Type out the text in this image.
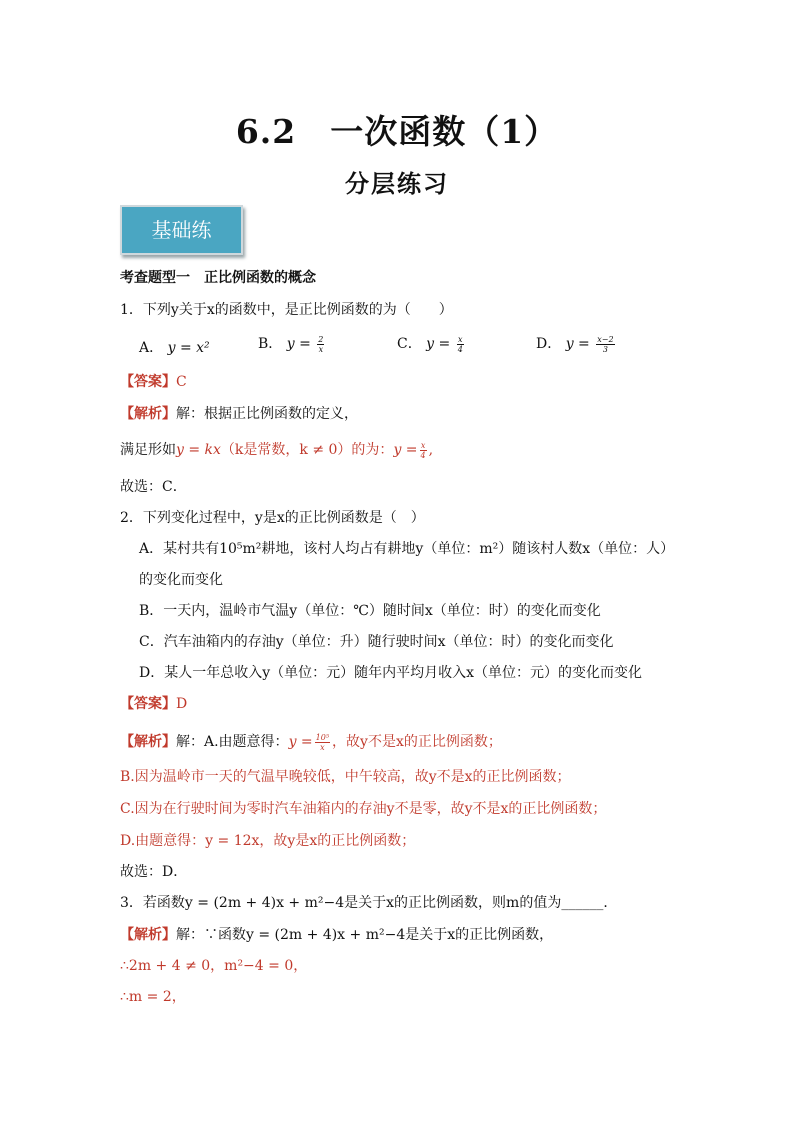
6.2　一次函数（1）
分层练习
基础练
考查题型一　正比例函数的概念
1．下列y关于x的函数中，是正比例函数的为（　　）
A． y = x²	B． $y = \frac{2}{x}$	C． $y = \frac{x}{4}$	D． $y = \frac{x-2}{3}$
【答案】C
【解析】解：根据正比例函数的定义，
满足形如y = kx（k是常数，k ≠ 0）的为：$y = \frac{x}{4}$ ,
故选：C．
2．下列变化过程中，y是x的正比例函数是（　）
A．某村共有10⁵m²耕地，该村人均占有耕地y（单位：m²）随该村人数x（单位：人）
的变化而变化
B．一天内，温岭市气温y（单位：℃）随时间x（单位：时）的变化而变化
C．汽车油箱内的存油y（单位：升）随行驶时间x（单位：时）的变化而变化
D．某人一年总收入y（单位：元）随年内平均月收入x（单位：元）的变化而变化
【答案】D
【解析】解：A.由题意得：$y = \frac{\text{10⁵}}{x}$ ，故y不是x的正比例函数；
B.因为温岭市一天的气温早晚较低，中午较高，故y不是x的正比例函数；
C.因为在行驶时间为零时汽车油箱内的存油y不是零，故y不是x的正比例函数；
D.由题意得：y = 12x，故y是x的正比例函数；
故选：D．
3．若函数y = (2m + 4)x + m²−4是关于x的正比例函数，则m的值为______．
【解析】解：∵函数y = (2m + 4)x + m²−4是关于x的正比例函数，
∴2m + 4 ≠ 0，m²−4 = 0，
∴m = 2，
